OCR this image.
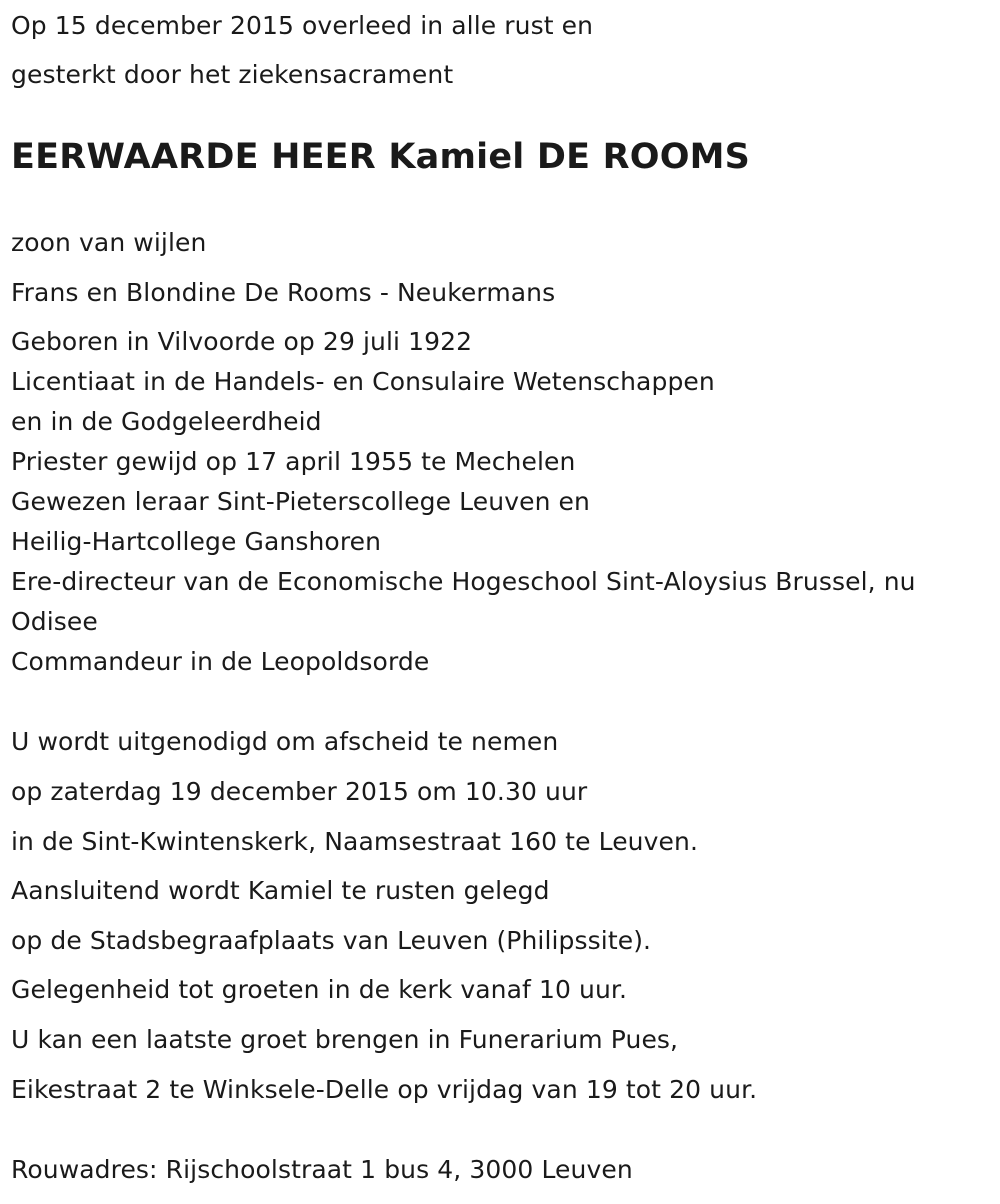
Op 15 december 2015 overleed in alle rust en
gesterkt door het ziekensacrament
EERWAARDE HEER Kamiel DE ROOMS
zoon van wijlen
Frans en Blondine De Rooms - Neukermans
Geboren in Vilvoorde op 29 juli 1922
Licentiaat in de Handels- en Consulaire Wetenschappen
en in de Godgeleerdheid
Priester gewijd op 17 april 1955 te Mechelen
Gewezen leraar Sint-Pieterscollege Leuven en
Heilig-Hartcollege Ganshoren
Ere-directeur van de Economische Hogeschool Sint-Aloysius Brussel, nu
Odisee
Commandeur in de Leopoldsorde
U wordt uitgenodigd om afscheid te nemen
op zaterdag 19 december 2015 om 10.30 uur
in de Sint-Kwintenskerk, Naamsestraat 160 te Leuven.
Aansluitend wordt Kamiel te rusten gelegd
op de Stadsbegraafplaats van Leuven (Philipssite).
Gelegenheid tot groeten in de kerk vanaf 10 uur.
U kan een laatste groet brengen in Funerarium Pues,
Eikestraat 2 te Winksele-Delle op vrijdag van 19 tot 20 uur.
Rouwadres: Rijschoolstraat 1 bus 4, 3000 Leuven
